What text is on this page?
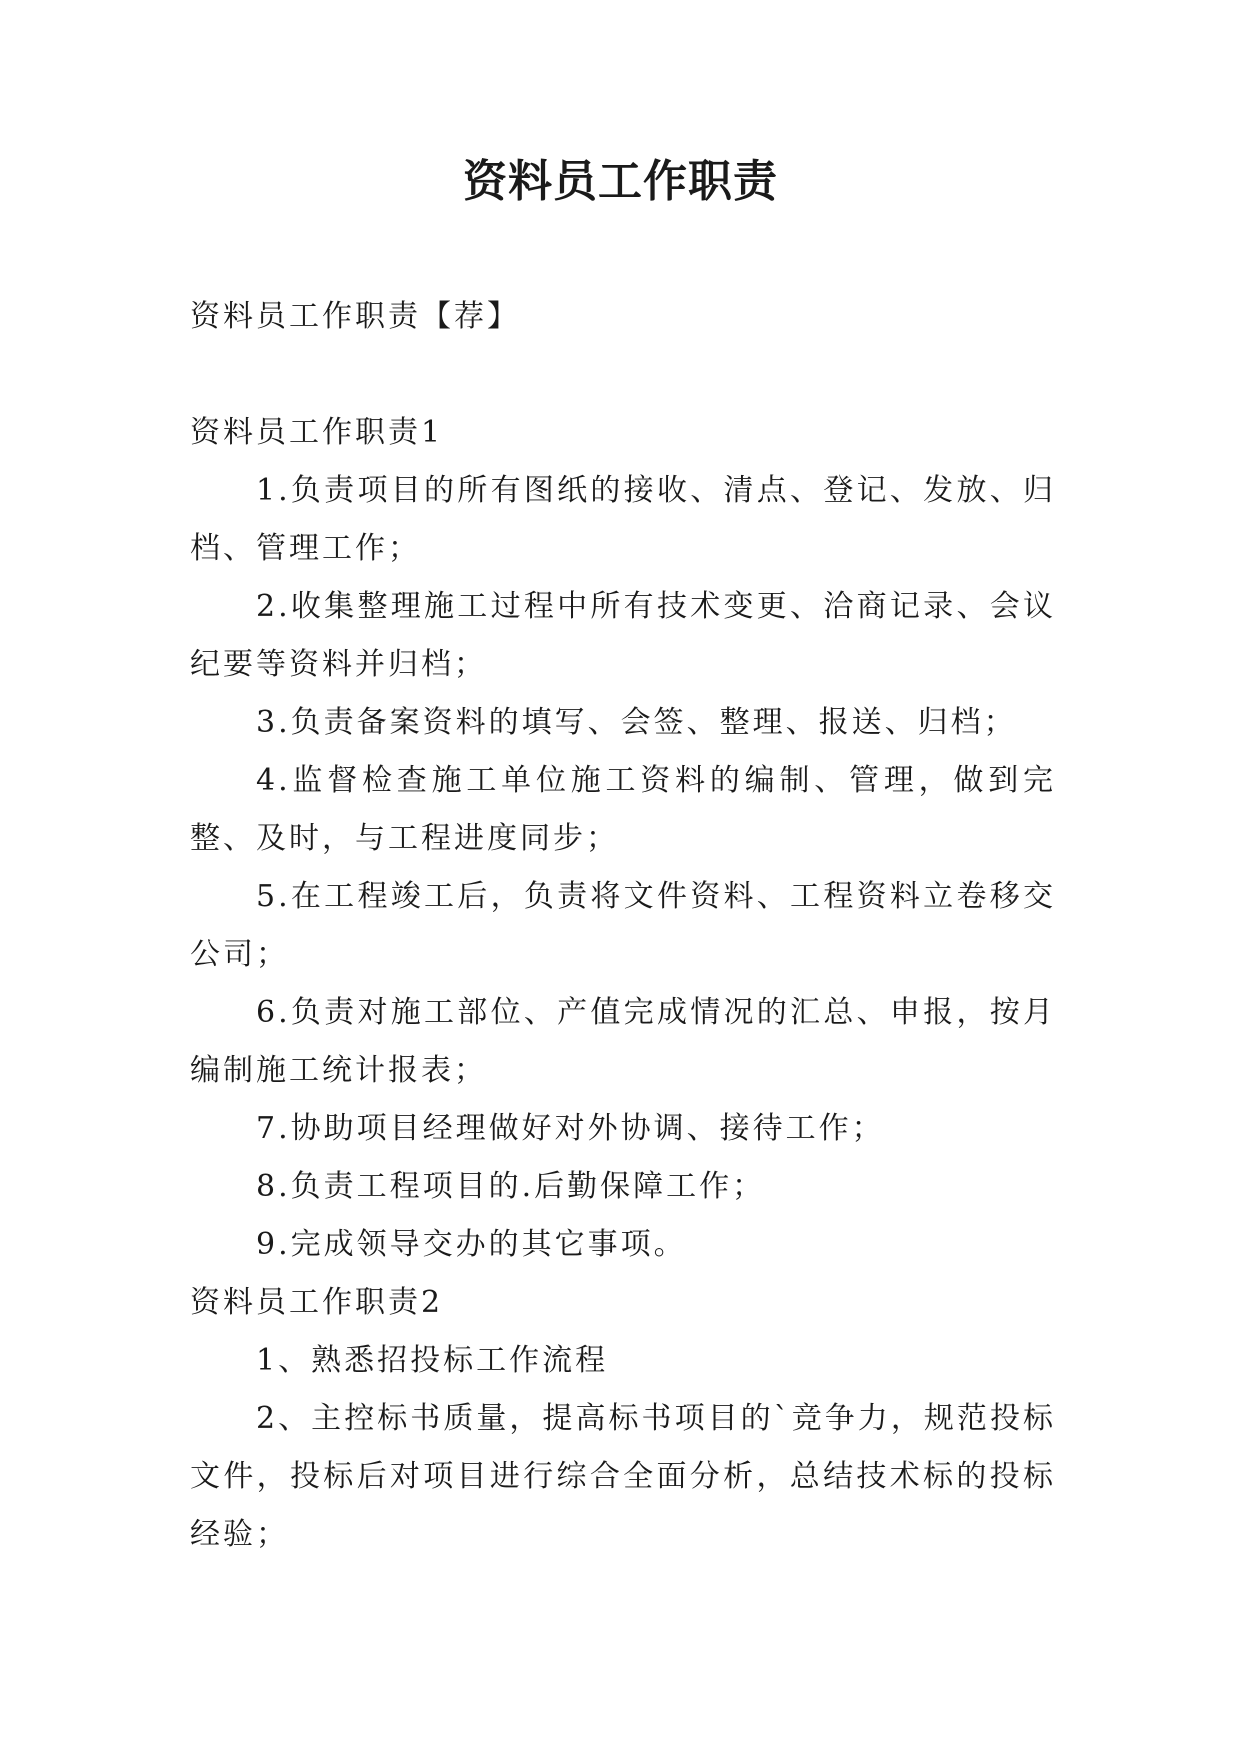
资料员工作职责

资料员工作职责【荐】

资料员工作职责1

1.负责项目的所有图纸的接收、清点、登记、发放、归档、管理工作；

2.收集整理施工过程中所有技术变更、洽商记录、会议纪要等资料并归档；

3.负责备案资料的填写、会签、整理、报送、归档；

4.监督检查施工单位施工资料的编制、管理，做到完整、及时，与工程进度同步；

5.在工程竣工后，负责将文件资料、工程资料立卷移交公司；

6.负责对施工部位、产值完成情况的汇总、申报，按月编制施工统计报表；

7.协助项目经理做好对外协调、接待工作；

8.负责工程项目的.后勤保障工作；

9.完成领导交办的其它事项。

资料员工作职责2

1、熟悉招投标工作流程

2、主控标书质量，提高标书项目的`竞争力，规范投标文件，投标后对项目进行综合全面分析，总结技术标的投标经验；
